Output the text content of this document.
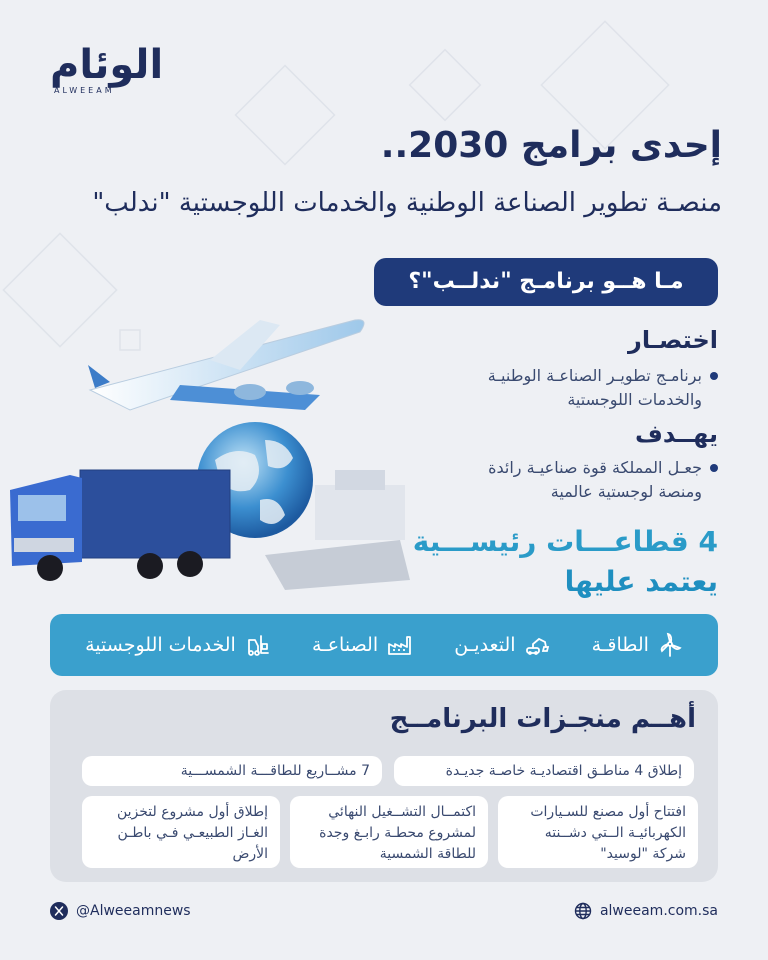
الوئام
ALWEEAM
إحدى برامج 2030..
منصـة تطوير الصناعة الوطنية والخدمات اللوجستية "ندلب"
مـا هــو برنامـج "ندلــب"؟
اختصـار
برنامـج تطويـر الصناعـة الوطنيـة
والخدمات اللوجستية
يهــدف
جعـل المملكة قوة صناعيـة رائدة
ومنصة لوجستية عالمية
4 قطاعـــات رئيســـية
يعتمد عليها
الطاقـة
التعديـن
الصناعـة
الخدمات اللوجستية
أهــم منجـزات البرنامــج
إطلاق 4 مناطـق اقتصاديـة خاصـة جديـدة
7 مشــاريع للطاقـــة الشمســـية
افتتاح أول مصنع للسـيارات
الكهربائيـة الــتي دشــنته
شركة "لوسيد"
اكتمــال التشــغيل النهائي
لمشروع محطـة رابـغ وجدة
للطاقة الشمسية
إطلاق أول مشروع لتخزين
الغـاز الطبيعـي فـي باطـن
الأرض
@Alweeamnews	alweeam.com.sa
